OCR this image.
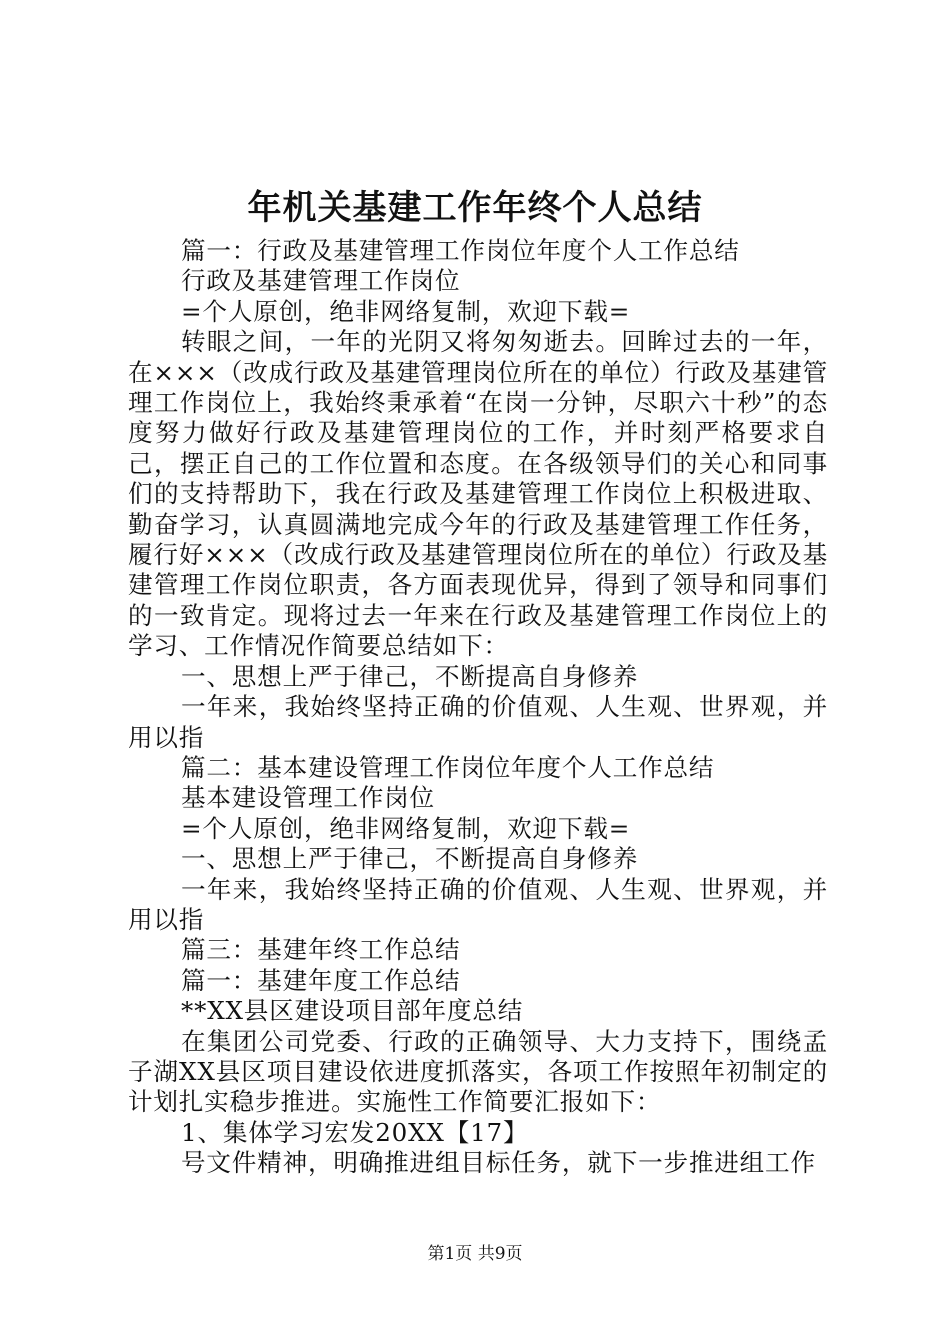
年机关基建工作年终个人总结

篇一：行政及基建管理工作岗位年度个人工作总结

行政及基建管理工作岗位

=个人原创，绝非网络复制，欢迎下载=

转眼之间，一年的光阴又将匆匆逝去。回眸过去的一年，在×××（改成行政及基建管理岗位所在的单位）行政及基建管理工作岗位上，我始终秉承着“在岗一分钟，尽职六十秒”的态度努力做好行政及基建管理岗位的工作，并时刻严格要求自己，摆正自己的工作位置和态度。在各级领导们的关心和同事们的支持帮助下，我在行政及基建管理工作岗位上积极进取、勤奋学习，认真圆满地完成今年的行政及基建管理工作任务，履行好×××（改成行政及基建管理岗位所在的单位）行政及基建管理工作岗位职责，各方面表现优异，得到了领导和同事们的一致肯定。现将过去一年来在行政及基建管理工作岗位上的学习、工作情况作简要总结如下：

一、思想上严于律己，不断提高自身修养

一年来，我始终坚持正确的价值观、人生观、世界观，并用以指

篇二：基本建设管理工作岗位年度个人工作总结

基本建设管理工作岗位

=个人原创，绝非网络复制，欢迎下载=

一、思想上严于律己，不断提高自身修养

一年来，我始终坚持正确的价值观、人生观、世界观，并用以指

篇三：基建年终工作总结

篇一：基建年度工作总结

**XX县区建设项目部年度总结

在集团公司党委、行政的正确领导、大力支持下，围绕孟子湖XX县区项目建设依进度抓落实，各项工作按照年初制定的计划扎实稳步推进。实施性工作简要汇报如下：

1、集体学习宏发20XX【17】

号文件精神，明确推进组目标任务，就下一步推进组工作

第1页 共9页
